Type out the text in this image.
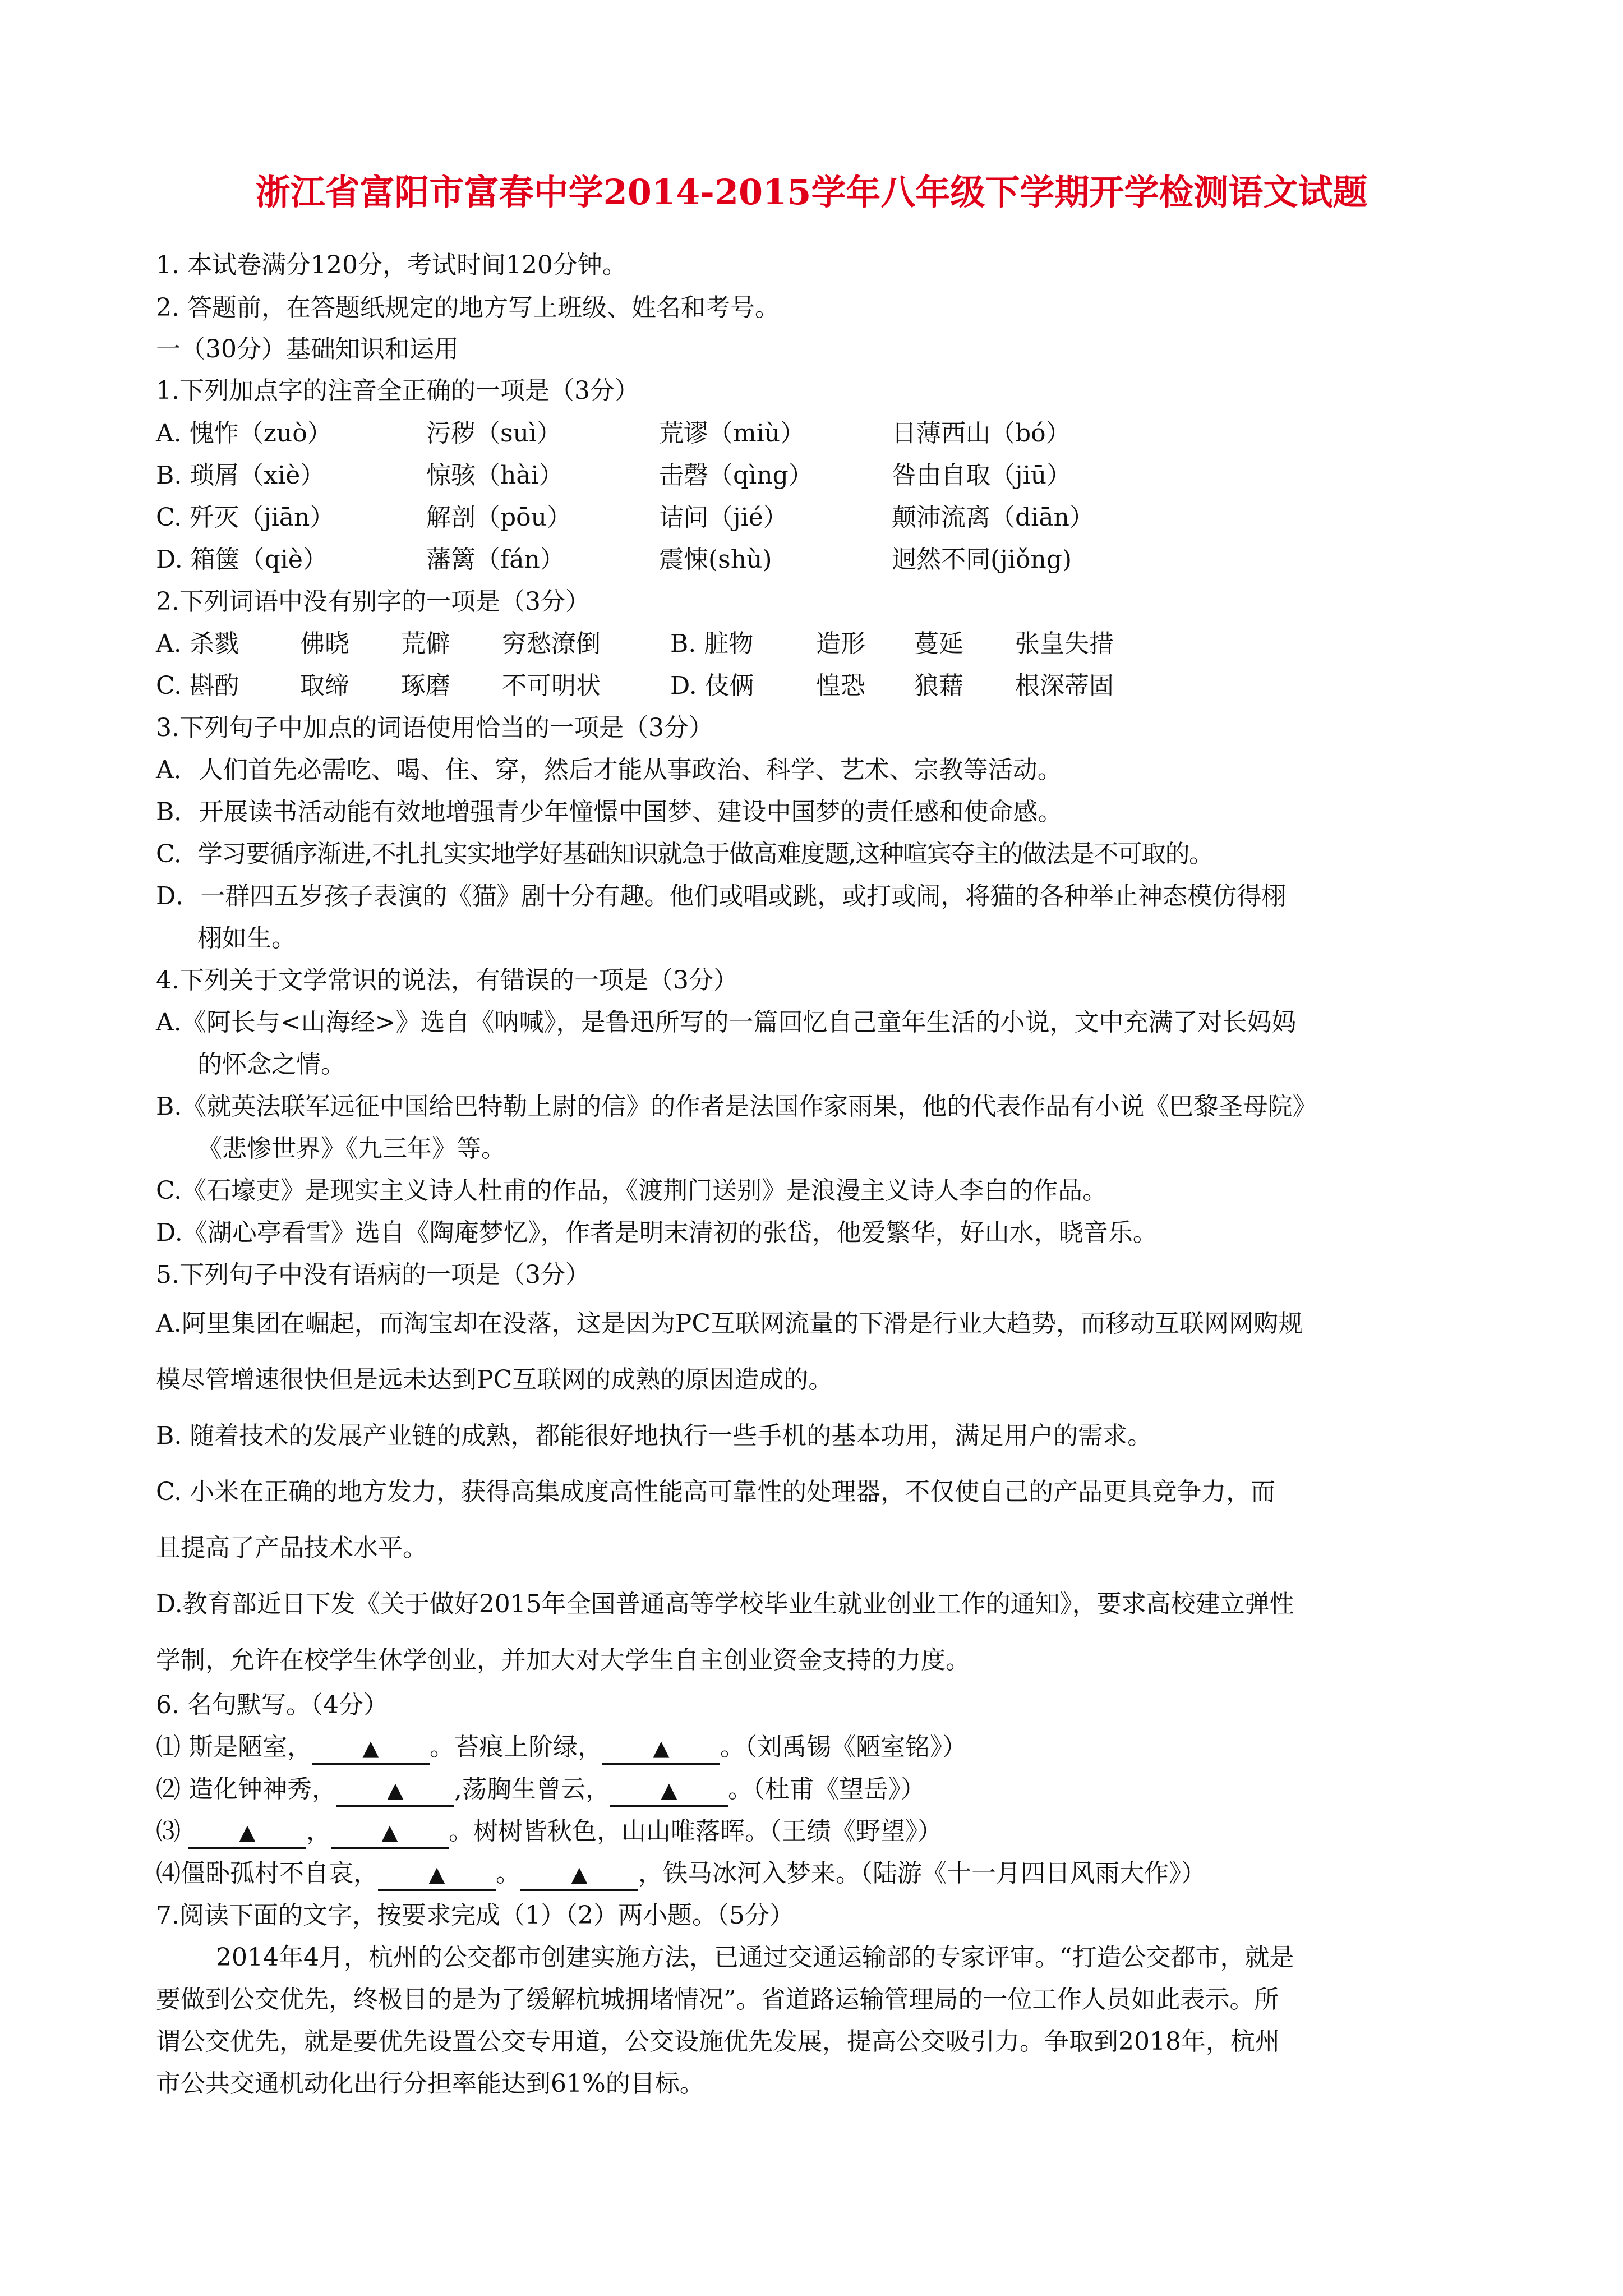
浙江省富阳市富春中学2014-2015学年八年级下学期开学检测语文试题
1. 本试卷满分120分，考试时间120分钟。
2. 答题前，在答题纸规定的地方写上班级、姓名和考号。
一（30分）基础知识和运用
1.下列加点字的注音全正确的一项是（3分）
A. 愧怍（zuò）	污秽（suì）	荒谬（miù）	日薄西山（bó）
B. 琐屑（xiè）	惊骇（hài）	击磬（qìng）	咎由自取（jiū）
C. 歼灭（jiān）	解剖（pōu）	诘问（jié）	颠沛流离（diān）
D. 箱箧（qiè）	藩篱（fán）	震悚(shù)	迥然不同(jiǒng)
2.下列词语中没有别字的一项是（3分）
A. 杀戮 佛晓 荒僻 穷愁潦倒	B. 脏物	造形 蔓延 张皇失措
C. 斟酌 取缔 琢磨 不可明状	D. 伎俩	惶恐 狼藉 根深蒂固
3.下列句子中加点的词语使用恰当的一项是（3分）
A．人们首先必需吃、喝、住、穿，然后才能从事政治、科学、艺术、宗教等活动。
B．开展读书活动能有效地增强青少年憧憬中国梦、建设中国梦的责任感和使命感。
C．学习要循序渐进,不扎扎实实地学好基础知识就急于做高难度题,这种喧宾夺主的做法是不可取的。
D．一群四五岁孩子表演的《猫》剧十分有趣。他们或唱或跳，或打或闹，将猫的各种举止神态模仿得栩
栩如生。
4.下列关于文学常识的说法，有错误的一项是（3分）
A.《阿长与<山海经>》选自《呐喊》，是鲁迅所写的一篇回忆自己童年生活的小说，文中充满了对长妈妈
的怀念之情。
B.《就英法联军远征中国给巴特勒上尉的信》的作者是法国作家雨果，他的代表作品有小说《巴黎圣母院》
《悲惨世界》《九三年》等。
C.《石壕吏》是现实主义诗人杜甫的作品，《渡荆门送别》是浪漫主义诗人李白的作品。
D.《湖心亭看雪》选自《陶庵梦忆》，作者是明末清初的张岱，他爱繁华，好山水，晓音乐。
5.下列句子中没有语病的一项是（3分）
A.阿里集团在崛起，而淘宝却在没落，这是因为PC互联网流量的下滑是行业大趋势，而移动互联网网购规
模尽管增速很快但是远未达到PC互联网的成熟的原因造成的。
B. 随着技术的发展产业链的成熟，都能很好地执行一些手机的基本功用，满足用户的需求。
C. 小米在正确的地方发力，获得高集成度高性能高可靠性的处理器，不仅使自己的产品更具竞争力，而
且提高了产品技术水平。
D.教育部近日下发《关于做好2015年全国普通高等学校毕业生就业创业工作的通知》，要求高校建立弹性
学制，允许在校学生休学创业，并加大对大学生自主创业资金支持的力度。
6. 名句默写。（4分）
⑴ 斯是陋室， ▲ 。苔痕上阶绿， ▲ 。（刘禹锡《陋室铭》）
⑵ 造化钟神秀， ▲ ,荡胸生曾云， ▲ 。（杜甫《望岳》）
⑶ ▲ ， ▲ 。树树皆秋色，山山唯落晖。（王绩《野望》）
⑷僵卧孤村不自哀， ▲ 。 ▲ ，铁马冰河入梦来。（陆游《十一月四日风雨大作》）
7.阅读下面的文字，按要求完成（1）（2）两小题。（5分）
2014年4月，杭州的公交都市创建实施方法，已通过交通运输部的专家评审。“打造公交都市，就是
要做到公交优先，终极目的是为了缓解杭城拥堵情况”。省道路运输管理局的一位工作人员如此表示。所
谓公交优先，就是要优先设置公交专用道，公交设施优先发展，提高公交吸引力。争取到2018年，杭州
市公共交通机动化出行分担率能达到61%的目标。
